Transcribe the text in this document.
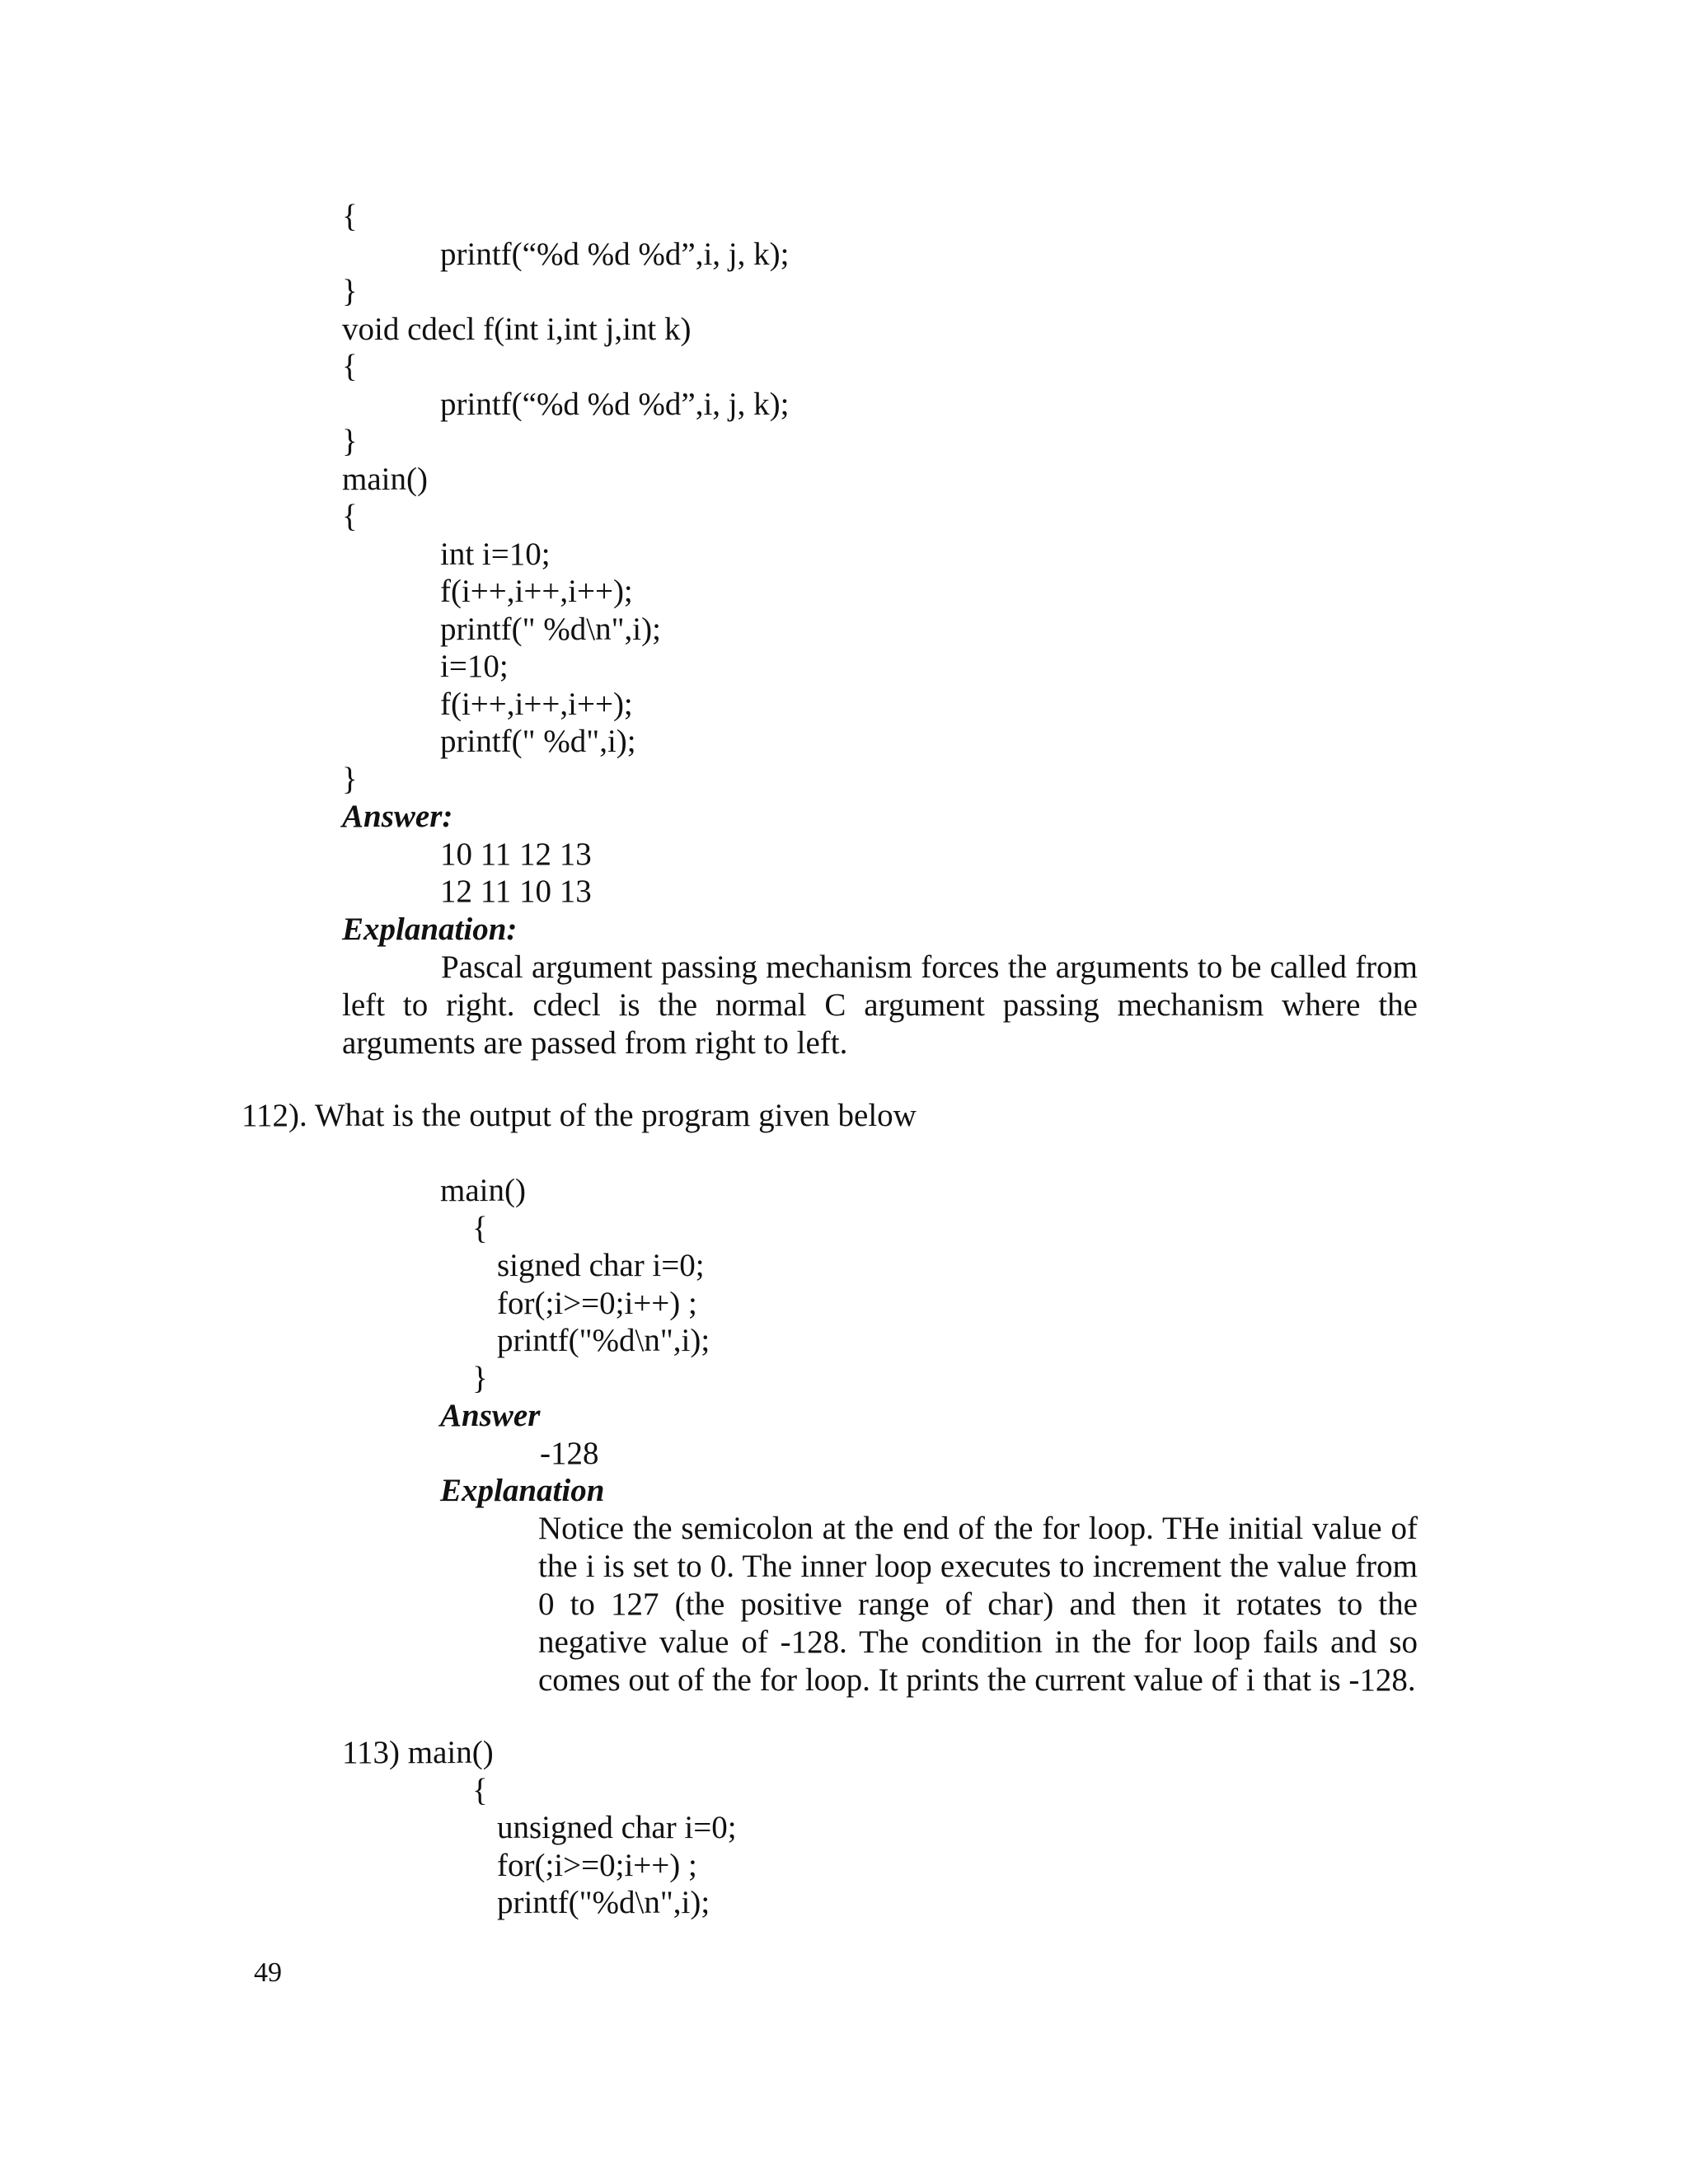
{
printf(“%d %d %d”,i, j, k);
}
void cdecl f(int i,int j,int k)
{
printf(“%d %d %d”,i, j, k);
}
main()
{
int i=10;
f(i++,i++,i++);
printf(" %d\n",i);
i=10;
f(i++,i++,i++);
printf(" %d",i);
}
Answer:
10 11 12 13
12 11 10 13
Explanation:

Pascal argument passing mechanism forces the arguments to be called from left to right. cdecl is the normal C argument passing mechanism where the arguments are passed from right to left.

112). What is the output of the program given below
main()
{
signed char i=0;
for(;i>=0;i++) ;
printf("%d\n",i);
}
Answer
-128
Explanation

Notice the semicolon at the end of the for loop. THe initial value of the i is set to 0. The inner loop executes to increment the value from 0 to 127 (the positive range of char) and then it rotates to the negative value of -128. The condition in the for loop fails and so comes out of the for loop. It prints the current value of i that is -128.

113) main()
{
unsigned char i=0;
for(;i>=0;i++) ;
printf("%d\n",i);
49
